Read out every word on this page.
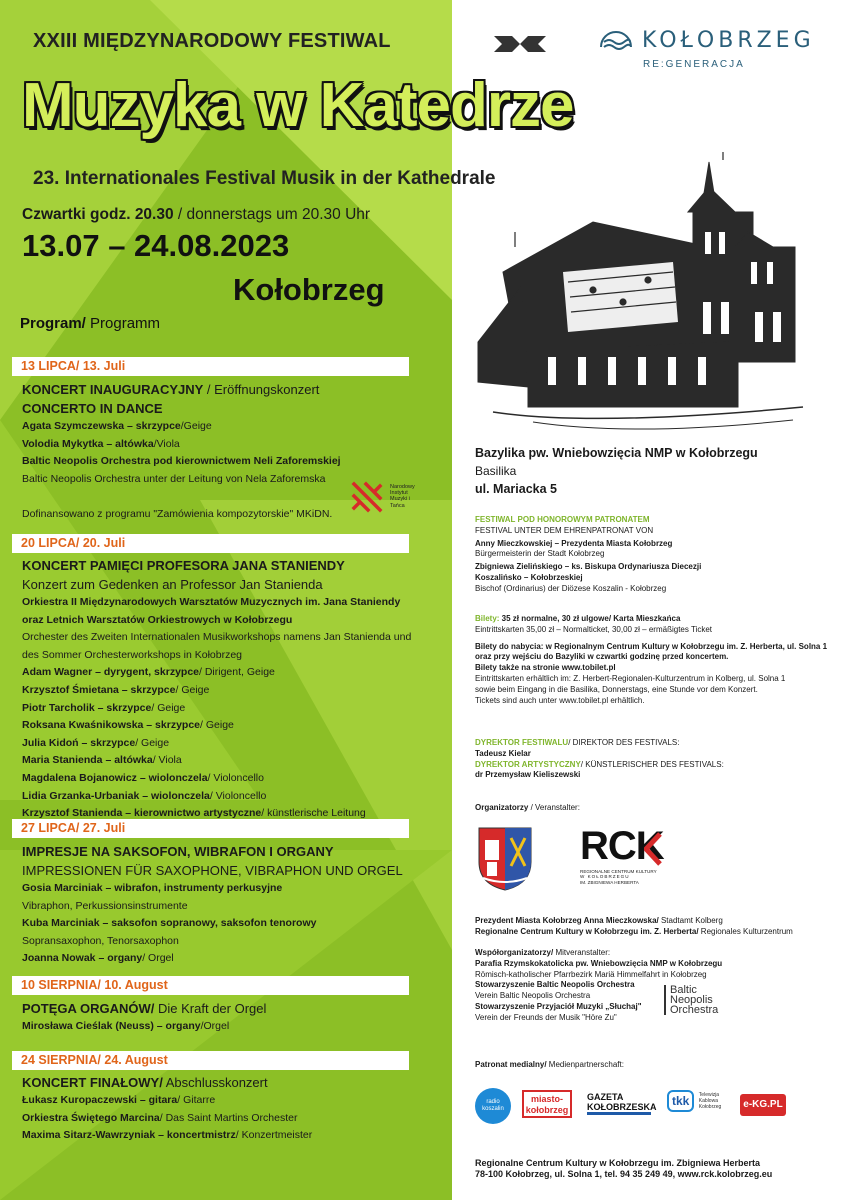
XXIII MIĘDZYNARODOWY FESTIWAL
Muzyka w Katedrze
23. Internationales Festival Musik in der Kathedrale
Czwartki godz. 20.30 / donnerstags um 20.30 Uhr
13.07 – 24.08.2023
Kołobrzeg
Program/ Programm
KOŁOBRZEG
RE:GENERACJA
13 LIPCA/ 13. Juli
KONCERT INAUGURACYJNY / Eröffnungskonzert
CONCERTO IN DANCE
Agata Szymczewska – skrzypce/Geige
Volodia Mykytka – altówka/Viola
Baltic Neopolis Orchestra pod kierownictwem Neli Zaforemskiej
Baltic Neopolis Orchestra unter der Leitung von Nela Zaforemska

Dofinansowano z programu "Zamówienia kompozytorskie" MKiDN.
Narodowy Instytut Muzyki i Tańca
20 LIPCA/ 20. Juli
KONCERT PAMIĘCI PROFESORA JANA STANIENDY
Konzert zum Gedenken an Professor Jan Stanienda
Orkiestra II Międzynarodowych Warsztatów Muzycznych im. Jana Staniendy
oraz Letnich Warsztatów Orkiestrowych w Kołobrzegu
Orchester des Zweiten Internationalen Musikworkshops namens Jan Stanienda und
des Sommer Orchesterworkshops in Kołobrzeg
Adam Wagner – dyrygent, skrzypce/ Dirigent, Geige
Krzysztof Śmietana – skrzypce/ Geige
Piotr Tarcholik – skrzypce/ Geige
Roksana Kwaśnikowska – skrzypce/ Geige
Julia Kidoń – skrzypce/ Geige
Maria Stanienda – altówka/ Viola
Magdalena Bojanowicz – wiolonczela/ Violoncello
Lidia Grzanka-Urbaniak – wiolonczela/ Violoncello
Krzysztof Stanienda – kierownictwo artystyczne/ künstlerische Leitung
27 LIPCA/ 27. Juli
IMPRESJE NA SAKSOFON, WIBRAFON I ORGANY
IMPRESSIONEN FÜR SAXOPHONE, VIBRAPHON UND ORGEL
Gosia Marciniak – wibrafon, instrumenty perkusyjne
Vibraphon, Perkussionsinstrumente
Kuba Marciniak – saksofon sopranowy, saksofon tenorowy
Sopransaxophon, Tenorsaxophon
Joanna Nowak – organy/ Orgel
10 SIERPNIA/ 10. August
POTĘGA ORGANÓW/ Die Kraft der Orgel
Mirosława Cieślak (Neuss) – organy/Orgel
24 SIERPNIA/ 24. August
KONCERT FINAŁOWY/ Abschlusskonzert
Łukasz Kuropaczewski – gitara/ Gitarre
Orkiestra Świętego Marcina/ Das Saint Martins Orchester
Maxima Sitarz-Wawrzyniak – koncertmistrz/ Konzertmeister
Bazylika pw. Wniebowzięcia NMP w Kołobrzegu
Basilika
ul. Mariacka 5
FESTIWAL POD HONOROWYM PATRONATEM
FESTIVAL UNTER DEM EHRENPATRONAT VON
Anny Mieczkowskiej – Prezydenta Miasta Kołobrzeg
Bürgermeisterin der Stadt Kołobrzeg
Zbigniewa Zielińskiego – ks. Biskupa Ordynariusza Diecezji
Koszalińsko – Kołobrzeskiej
Bischof (Ordinarius) der Diözese Koszalin - Kołobrzeg
Bilety: 35 zł normalne, 30 zł ulgowe/ Karta Mieszkańca
Eintrittskarten 35,00 zł – Normalticket, 30,00 zł – ermäßigtes Ticket
Bilety do nabycia: w Regionalnym Centrum Kultury w Kołobrzegu im. Z. Herberta, ul. Solna 1
oraz przy wejściu do Bazyliki w czwartki godzinę przed koncertem.
Bilety także na stronie www.tobilet.pl
Eintrittskarten erhältlich im: Z. Herbert-Regionalen-Kulturzentrum in Kolberg, ul. Solna 1
sowie beim Eingang in die Basilika, Donnerstags, eine Stunde vor dem Konzert.
Tickets sind auch unter www.tobilet.pl erhältlich.
DYREKTOR FESTIWALU/ DIREKTOR DES FESTIVALS:
Tadeusz Kielar
DYREKTOR ARTYSTYCZNY/ KÜNSTLERISCHER DES FESTIVALS:
dr Przemysław Kieliszewski
Organizatorzy / Veranstalter:
RCK
REGIONALNE CENTRUM KULTURY
W KOŁOBRZEGU
IM. ZBIGNIEWA HERBERTA
Prezydent Miasta Kołobrzeg Anna Mieczkowska/ Stadtamt Kolberg
Regionalne Centrum Kultury w Kołobrzegu im. Z. Herberta/ Regionales Kulturzentrum
Współorganizatorzy/ Mitveranstalter:
Parafia Rzymskokatolicka pw. Wniebowzięcia NMP w Kołobrzegu
Römisch-katholischer Pfarrbezirk Mariä Himmelfahrt in Kołobrzeg
Stowarzyszenie Baltic Neopolis Orchestra
Verein Baltic Neopolis Orchestra
Stowarzyszenie Przyjaciół Muzyki „Słuchaj"
Verein der Freunds der Musik "Höre Zu"
Baltic Neopolis Orchestra
Patronat medialny/ Medienpartnerschaft:
radio koszalin
miasto-kołobrzeg
GAZETA KOŁOBRZESKA	tkk Telewizja Kablowa Kołobrzeg	e-KG.PL
Regionalne Centrum Kultury w Kołobrzegu im. Zbigniewa Herberta
78-100 Kołobrzeg, ul. Solna 1, tel. 94 35 249 49, www.rck.kolobrzeg.eu
